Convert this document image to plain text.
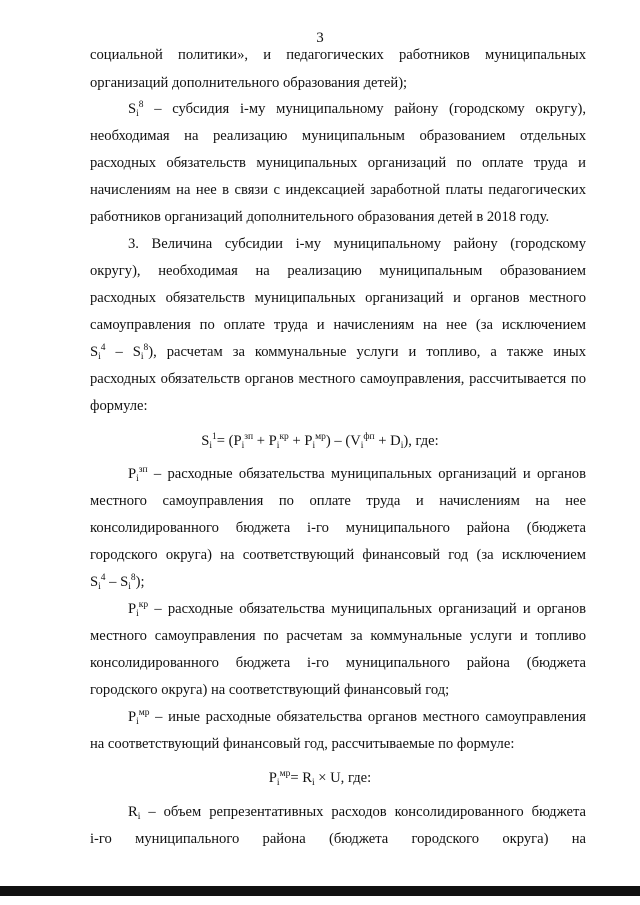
3
социальной политики», и педагогических работников муниципальных
организаций дополнительного образования детей);
$S_i^8$ – субсидия i-му муниципальному району (городскому округу),
необходимая на реализацию муниципальным образованием отдельных
расходных обязательств муниципальных организаций по оплате труда и
начислениям на нее в связи с индексацией заработной платы педагогических
работников организаций дополнительного образования детей в 2018 году.
3. Величина субсидии i-му муниципальному району (городскому
округу), необходимая на реализацию муниципальным образованием
расходных обязательств муниципальных организаций и органов местного
самоуправления по оплате труда и начислениям на нее (за исключением
$S_i^4 - S_i^8$), расчетам за коммунальные услуги и топливо, а также иных
расходных обязательств органов местного самоуправления, рассчитывается по
формуле:
$S_i^1= (P_i^{зп} + P_i^{кр} + P_i^{мр}) - (V_i^{фп} + D_i)$, где:
$P_i^{зп}$ – расходные обязательства муниципальных организаций и органов
местного самоуправления по оплате труда и начислениям на нее
консолидированного бюджета i-го муниципального района (бюджета
городского округа) на соответствующий финансовый год (за исключением
$S_i^4 - S_i^8$);
$P_i^{кр}$ – расходные обязательства муниципальных организаций и органов
местного самоуправления по расчетам за коммунальные услуги и топливо
консолидированного бюджета i-го муниципального района (бюджета
городского округа) на соответствующий финансовый год;
$P_i^{мр}$ – иные расходные обязательства органов местного самоуправления
на соответствующий финансовый год, рассчитываемые по формуле:
$P_i^{мр}= R_i \times U$, где:
$R_i$ – объем репрезентативных расходов консолидированного бюджета
i-го муниципального района (бюджета городского округа) на
